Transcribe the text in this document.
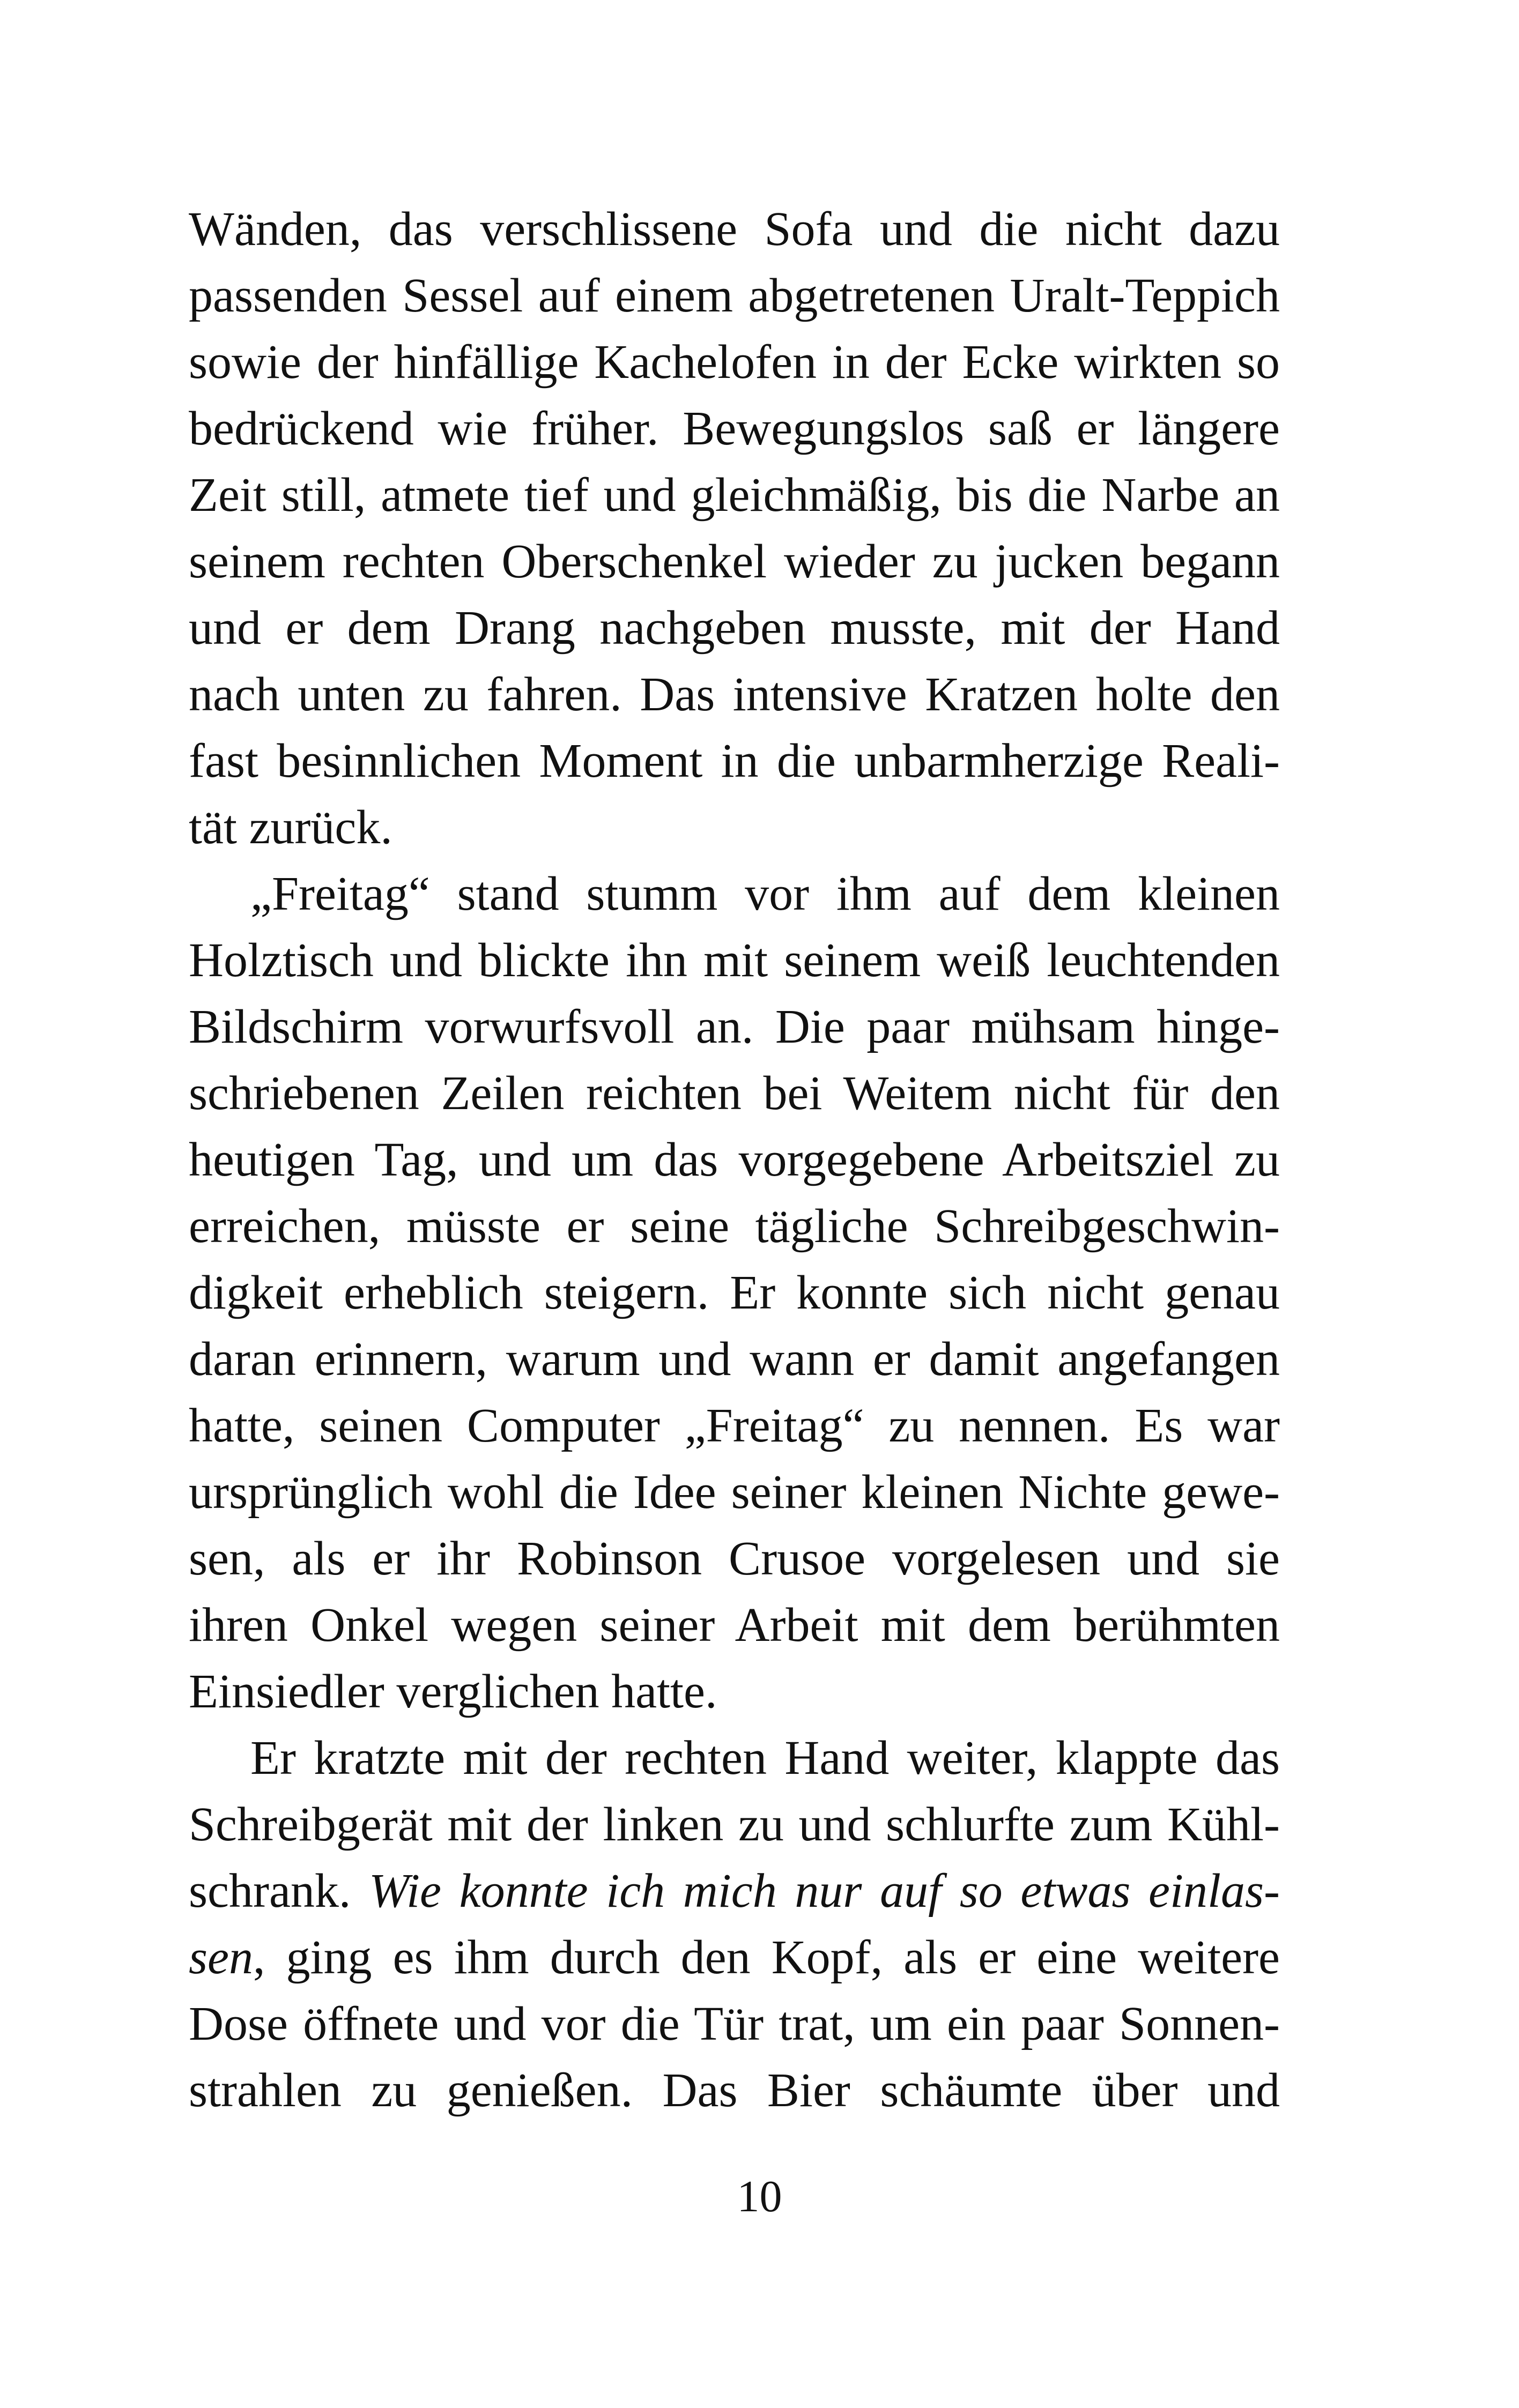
Wänden, das verschlissene Sofa und die nicht dazu
passenden Sessel auf einem abgetretenen Uralt-Teppich
sowie der hinfällige Kachelofen in der Ecke wirkten so
bedrückend wie früher. Bewegungslos saß er längere
Zeit still, atmete tief und gleichmäßig, bis die Narbe an
seinem rechten Oberschenkel wieder zu jucken begann
und er dem Drang nachgeben musste, mit der Hand
nach unten zu fahren. Das intensive Kratzen holte den
fast besinnlichen Moment in die unbarmherzige Reali-
tät zurück.
„Freitag“ stand stumm vor ihm auf dem kleinen
Holztisch und blickte ihn mit seinem weiß leuchtenden
Bildschirm vorwurfsvoll an. Die paar mühsam hinge-
schriebenen Zeilen reichten bei Weitem nicht für den
heutigen Tag, und um das vorgegebene Arbeitsziel zu
erreichen, müsste er seine tägliche Schreibgeschwin-
digkeit erheblich steigern. Er konnte sich nicht genau
daran erinnern, warum und wann er damit angefangen
hatte, seinen Computer „Freitag“ zu nennen. Es war
ursprünglich wohl die Idee seiner kleinen Nichte gewe-
sen, als er ihr Robinson Crusoe vorgelesen und sie
ihren Onkel wegen seiner Arbeit mit dem berühmten
Einsiedler verglichen hatte.
Er kratzte mit der rechten Hand weiter, klappte das
Schreibgerät mit der linken zu und schlurfte zum Kühl-
schrank. Wie konnte ich mich nur auf so etwas einlas-
sen, ging es ihm durch den Kopf, als er eine weitere
Dose öffnete und vor die Tür trat, um ein paar Sonnen-
strahlen zu genießen. Das Bier schäumte über und
10
